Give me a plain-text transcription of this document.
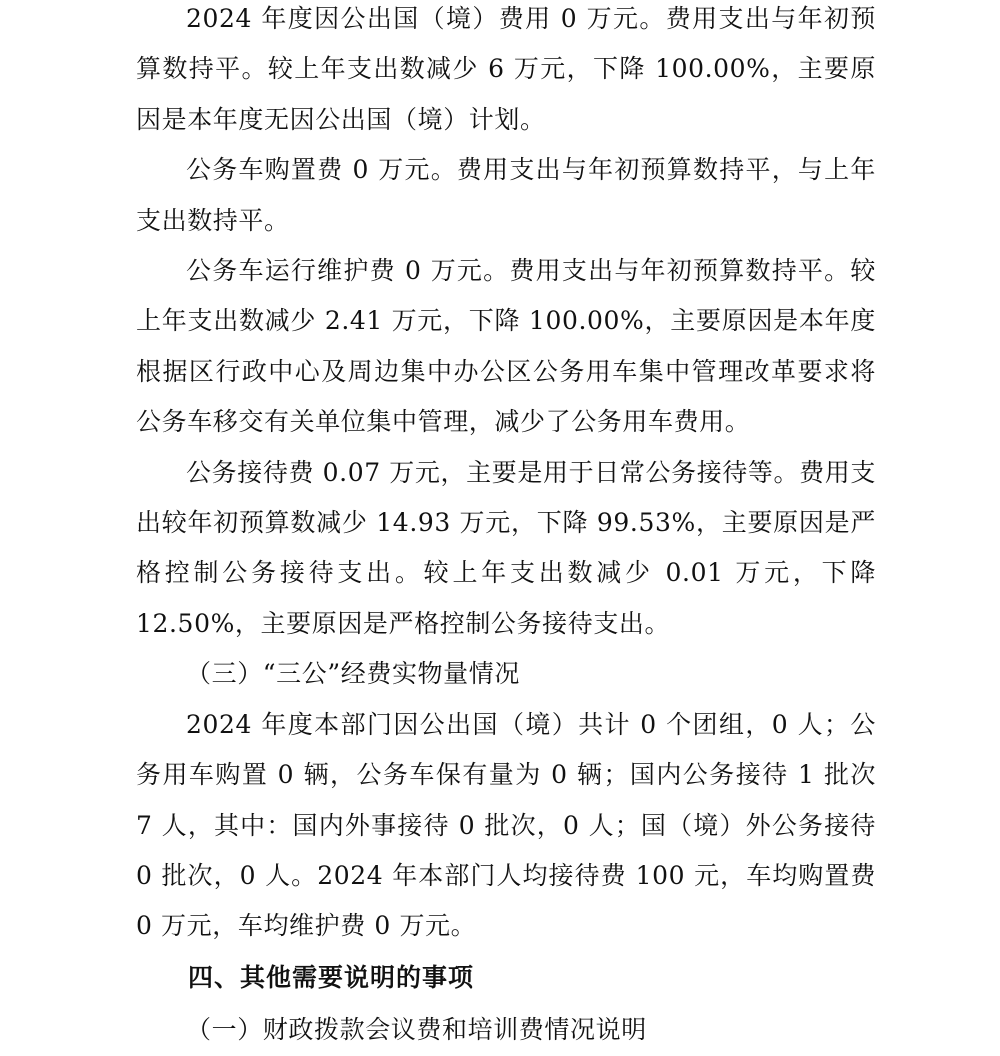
2024 年度因公出国（境）费用 0 万元。费用支出与年初预算数持平。较上年支出数减少 6 万元，下降 100.00%，主要原因是本年度无因公出国（境）计划。

公务车购置费 0 万元。费用支出与年初预算数持平，与上年支出数持平。

公务车运行维护费 0 万元。费用支出与年初预算数持平。较上年支出数减少 2.41 万元，下降 100.00%，主要原因是本年度根据区行政中心及周边集中办公区公务用车集中管理改革要求将公务车移交有关单位集中管理，减少了公务用车费用。

公务接待费 0.07 万元，主要是用于日常公务接待等。费用支出较年初预算数减少 14.93 万元，下降 99.53%，主要原因是严格控制公务接待支出。较上年支出数减少 0.01 万元，下降 12.50%，主要原因是严格控制公务接待支出。

（三）“三公”经费实物量情况

2024 年度本部门因公出国（境）共计 0 个团组，0 人；公务用车购置 0 辆，公务车保有量为 0 辆；国内公务接待 1 批次 7 人，其中：国内外事接待 0 批次，0 人；国（境）外公务接待 0 批次，0 人。2024 年本部门人均接待费 100 元，车均购置费 0 万元，车均维护费 0 万元。

四、其他需要说明的事项

（一）财政拨款会议费和培训费情况说明
